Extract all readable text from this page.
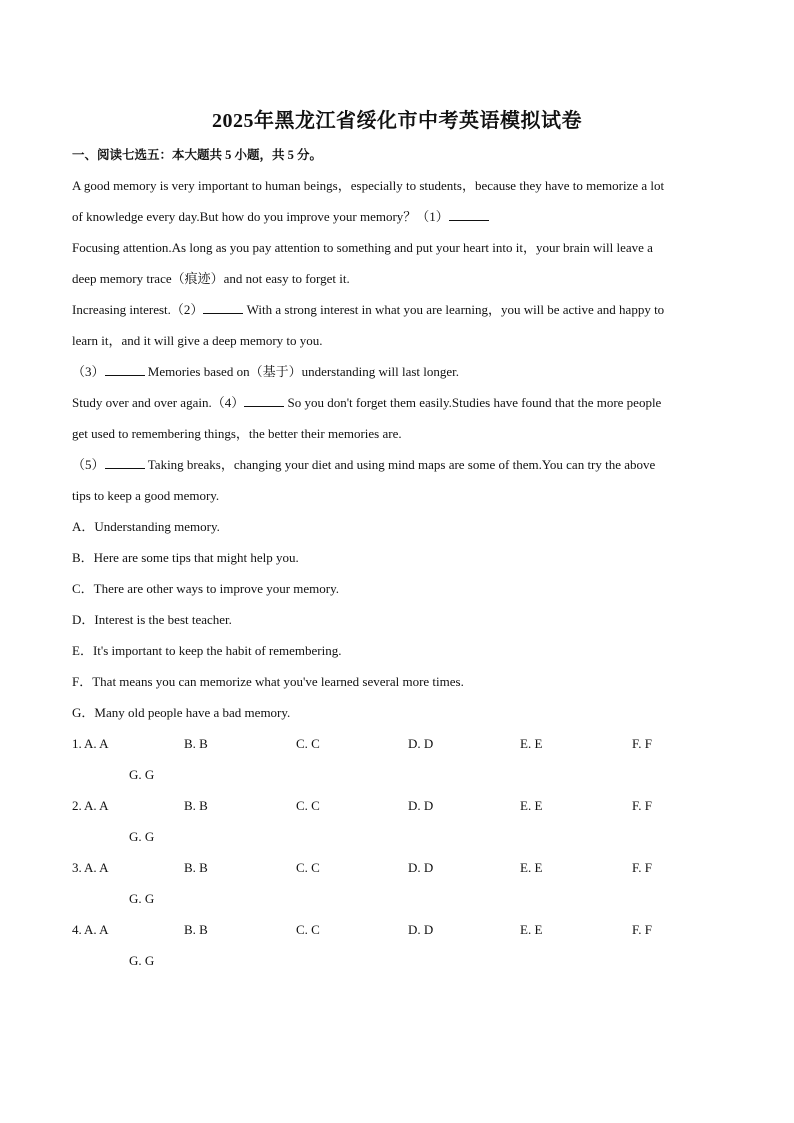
2025年黑龙江省绥化市中考英语模拟试卷
一、阅读七选五：本大题共 5 小题，共 5 分。
A good memory is very important to human beings，especially to students，because they have to memorize a lot
of knowledge every day.But how do you improve your memory？（1）
Focusing attention.As long as you pay attention to something and put your heart into it，your brain will leave a
deep memory trace（痕迹）and not easy to forget it.
Increasing interest.（2）	With a strong interest in what you are learning，you will be active and happy to
learn it，and it will give a deep memory to you.
（3）	Memories based on（基于）understanding will last longer.
Study over and over again.（4）	So you don't forget them easily.Studies have found that the more people
get used to remembering things，the better their memories are.
（5）	Taking breaks，changing your diet and using mind maps are some of them.You can try the above
tips to keep a good memory.
A．Understanding memory.
B．Here are some tips that might help you.
C．There are other ways to improve your memory.
D．Interest is the best teacher.
E．It's important to keep the habit of remembering.
F．That means you can memorize what you've learned several more times.
G．Many old people have a bad memory.
1. A. A	B. B	C. C	D. D	E. E	F. F
G. G
2. A. A	B. B	C. C	D. D	E. E	F. F
G. G
3. A. A	B. B	C. C	D. D	E. E	F. F
G. G
4. A. A	B. B	C. C	D. D	E. E	F. F
G. G
